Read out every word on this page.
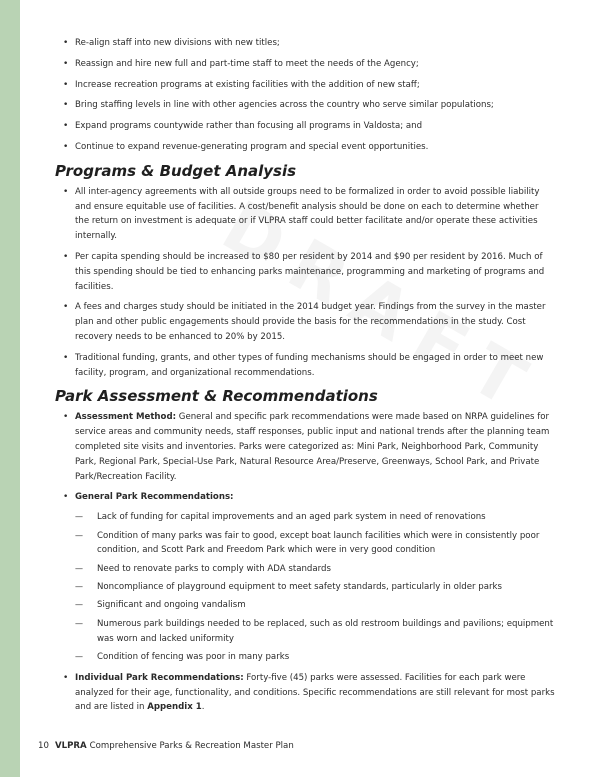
• Re-align staff into new divisions with new titles;
• Reassign and hire new full and part-time staff to meet the needs of the Agency;
• Increase recreation programs at existing facilities with the addition of new staff;
• Bring staffing levels in line with other agencies across the country who serve similar populations;
• Expand programs countywide rather than focusing all programs in Valdosta; and
• Continue to expand revenue-generating program and special event opportunities.
Programs & Budget Analysis
• All inter-agency agreements with all outside groups need to be formalized in order to avoid possible liability and ensure equitable use of facilities. A cost/benefit analysis should be done on each to determine whether the return on investment is adequate or if VLPRA staff could better facilitate and/or operate these activities internally.
• Per capita spending should be increased to $80 per resident by 2014 and $90 per resident by 2016. Much of this spending should be tied to enhancing parks maintenance, programming and marketing of programs and facilities.
• A fees and charges study should be initiated in the 2014 budget year. Findings from the survey in the master plan and other public engagements should provide the basis for the recommendations in the study. Cost recovery needs to be enhanced to 20% by 2015.
• Traditional funding, grants, and other types of funding mechanisms should be engaged in order to meet new facility, program, and organizational recommendations.
Park Assessment & Recommendations
• Assessment Method: General and specific park recommendations were made based on NRPA guidelines for service areas and community needs, staff responses, public input and national trends after the planning team completed site visits and inventories. Parks were categorized as: Mini Park, Neighborhood Park, Community Park, Regional Park, Special-Use Park, Natural Resource Area/Preserve, Greenways, School Park, and Private Park/Recreation Facility.
• General Park Recommendations:
— Lack of funding for capital improvements and an aged park system in need of renovations
— Condition of many parks was fair to good, except boat launch facilities which were in consistently poor condition, and Scott Park and Freedom Park which were in very good condition
— Need to renovate parks to comply with ADA standards
— Noncompliance of playground equipment to meet safety standards, particularly in older parks
— Significant and ongoing vandalism
— Numerous park buildings needed to be replaced, such as old restroom buildings and pavilions; equipment was worn and lacked uniformity
— Condition of fencing was poor in many parks
• Individual Park Recommendations: Forty-five (45) parks were assessed. Facilities for each park were analyzed for their age, functionality, and conditions. Specific recommendations are still relevant for most parks and are listed in Appendix 1.
10 VLPRA Comprehensive Parks & Recreation Master Plan
